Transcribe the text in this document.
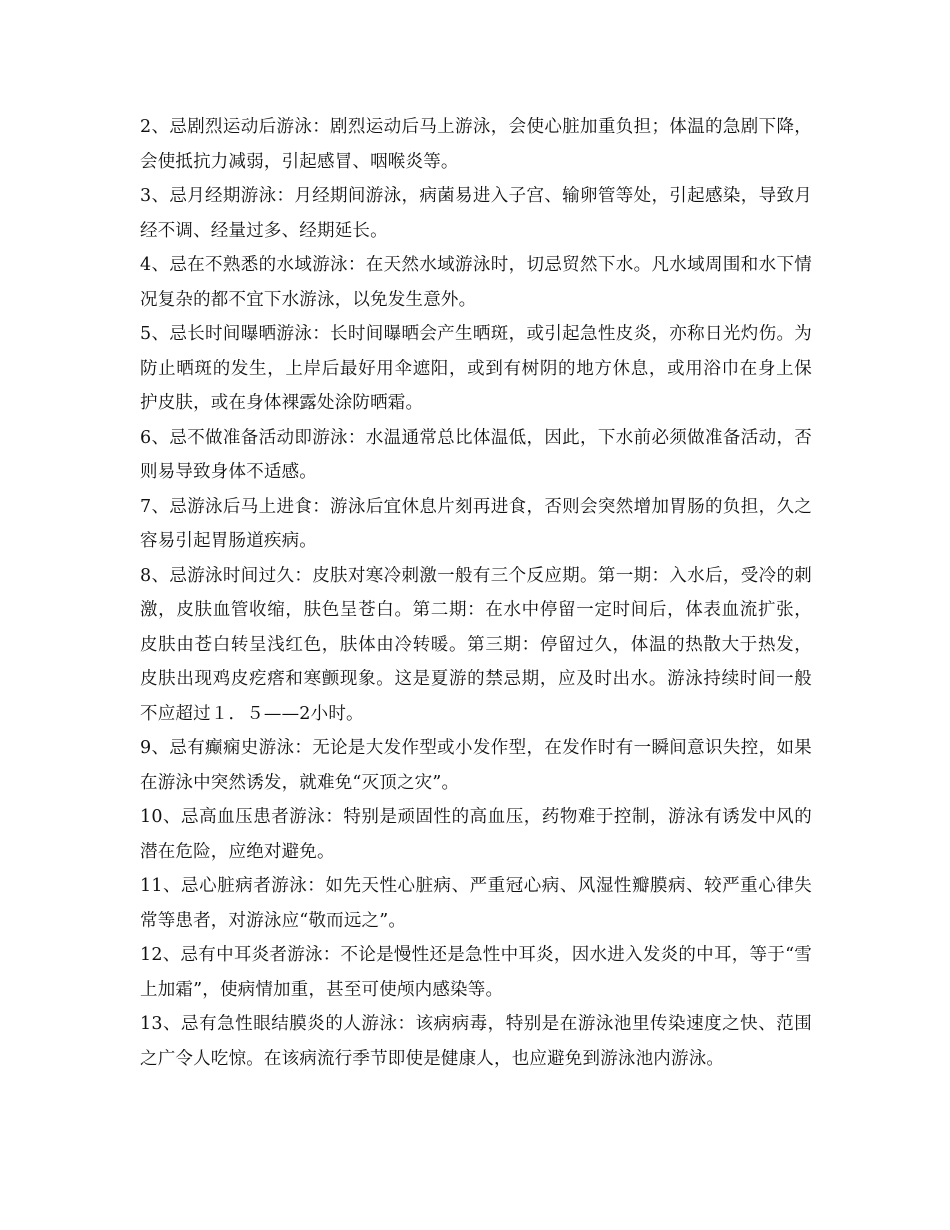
2、忌剧烈运动后游泳：剧烈运动后马上游泳，会使心脏加重负担；体温的急剧下降，会使抵抗力减弱，引起感冒、咽喉炎等。

3、忌月经期游泳：月经期间游泳，病菌易进入子宫、输卵管等处，引起感染，导致月经不调、经量过多、经期延长。

4、忌在不熟悉的水域游泳：在天然水域游泳时，切忌贸然下水。凡水域周围和水下情况复杂的都不宜下水游泳，以免发生意外。

5、忌长时间曝晒游泳：长时间曝晒会产生晒斑，或引起急性皮炎，亦称日光灼伤。为防止晒斑的发生，上岸后最好用伞遮阳，或到有树阴的地方休息，或用浴巾在身上保护皮肤，或在身体裸露处涂防晒霜。

6、忌不做准备活动即游泳：水温通常总比体温低，因此，下水前必须做准备活动，否则易导致身体不适感。

7、忌游泳后马上进食：游泳后宜休息片刻再进食，否则会突然增加胃肠的负担，久之容易引起胃肠道疾病。

8、忌游泳时间过久：皮肤对寒冷刺激一般有三个反应期。第一期：入水后，受冷的刺激，皮肤血管收缩，肤色呈苍白。第二期：在水中停留一定时间后，体表血流扩张，皮肤由苍白转呈浅红色，肤体由冷转暖。第三期：停留过久，体温的热散大于热发，皮肤出现鸡皮疙瘩和寒颤现象。这是夏游的禁忌期，应及时出水。游泳持续时间一般不应超过１．５——2小时。

9、忌有癫痫史游泳：无论是大发作型或小发作型，在发作时有一瞬间意识失控，如果在游泳中突然诱发，就难免“灭顶之灾”。

10、忌高血压患者游泳：特别是顽固性的高血压，药物难于控制，游泳有诱发中风的潜在危险，应绝对避免。

11、忌心脏病者游泳：如先天性心脏病、严重冠心病、风湿性瓣膜病、较严重心律失常等患者，对游泳应“敬而远之”。

12、忌有中耳炎者游泳：不论是慢性还是急性中耳炎，因水进入发炎的中耳，等于“雪上加霜”，使病情加重，甚至可使颅内感染等。

13、忌有急性眼结膜炎的人游泳：该病病毒，特别是在游泳池里传染速度之快、范围之广令人吃惊。在该病流行季节即使是健康人，也应避免到游泳池内游泳。
